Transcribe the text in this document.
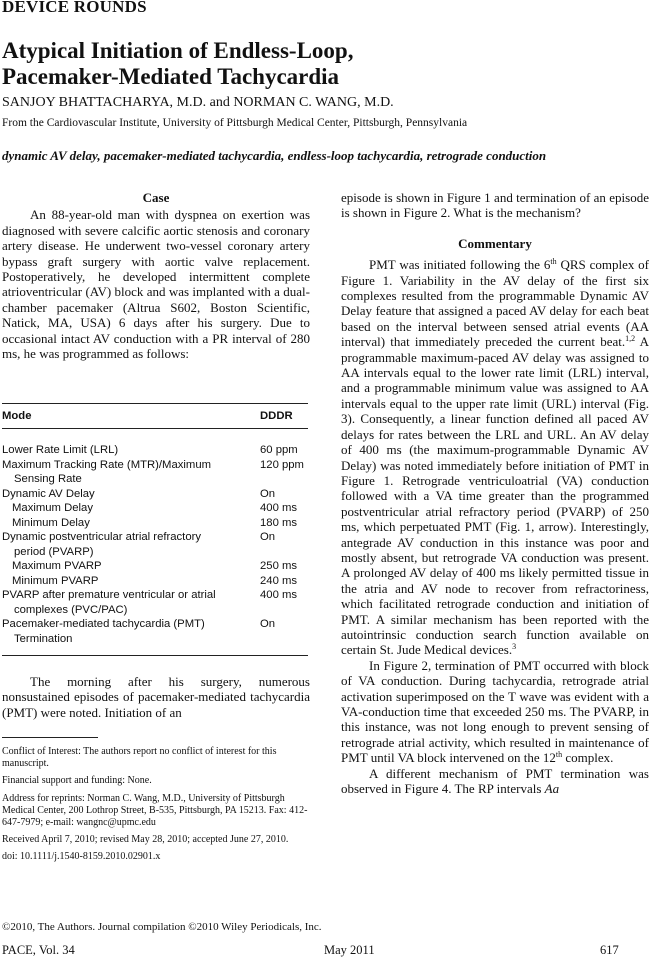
DEVICE ROUNDS
Atypical Initiation of Endless-Loop,
Pacemaker-Mediated Tachycardia
SANJOY BHATTACHARYA, M.D. and NORMAN C. WANG, M.D.
From the Cardiovascular Institute, University of Pittsburgh Medical Center, Pittsburgh, Pennsylvania
dynamic AV delay, pacemaker-mediated tachycardia, endless-loop tachycardia, retrograde conduction
Case

An 88-year-old man with dyspnea on exertion was diagnosed with severe calcific aortic stenosis and coronary artery disease. He underwent two-vessel coronary artery bypass graft surgery with aortic valve replacement. Postoperatively, he developed intermittent complete atrioventricular (AV) block and was implanted with a dual-chamber pacemaker (Altrua S602, Boston Scientific, Natick, MA, USA) 6 days after his surgery. Due to occasional intact AV conduction with a PR interval of 280 ms, he was programmed as follows:

Mode	DDDR
Lower Rate Limit (LRL)	60 ppm
Maximum Tracking Rate (MTR)/Maximum	120 ppm
Sensing Rate
Dynamic AV Delay	On
Maximum Delay	400 ms
Minimum Delay	180 ms
Dynamic postventricular atrial refractory	On
period (PVARP)
Maximum PVARP	250 ms
Minimum PVARP	240 ms
PVARP after premature ventricular or atrial	400 ms
complexes (PVC/PAC)
Pacemaker-mediated tachycardia (PMT)	On
Termination

The morning after his surgery, numerous nonsustained episodes of pacemaker-mediated tachycardia (PMT) were noted. Initiation of an

Conflict of Interest: The authors report no conflict of interest for this manuscript.
Financial support and funding: None.
Address for reprints: Norman C. Wang, M.D., University of Pittsburgh Medical Center, 200 Lothrop Street, B-535, Pittsburgh, PA 15213. Fax: 412-647-7979; e-mail: wangnc@upmc.edu
Received April 7, 2010; revised May 28, 2010; accepted June 27, 2010.
doi: 10.1111/j.1540-8159.2010.02901.x

episode is shown in Figure 1 and termination of an episode is shown in Figure 2. What is the mechanism?

Commentary

PMT was initiated following the 6th QRS complex of Figure 1. Variability in the AV delay of the first six complexes resulted from the programmable Dynamic AV Delay feature that assigned a paced AV delay for each beat based on the interval between sensed atrial events (AA interval) that immediately preceded the current beat.$^{1,2}$ A programmable maximum-paced AV delay was assigned to AA intervals equal to the lower rate limit (LRL) interval, and a programmable minimum value was assigned to AA intervals equal to the upper rate limit (URL) interval (Fig. 3). Consequently, a linear function defined all paced AV delays for rates between the LRL and URL. An AV delay of 400 ms (the maximum-programmable Dynamic AV Delay) was noted immediately before initiation of PMT in Figure 1. Retrograde ventriculoatrial (VA) conduction followed with a VA time greater than the programmed postventricular atrial refractory period (PVARP) of 250 ms, which perpetuated PMT (Fig. 1, arrow). Interestingly, antegrade AV conduction in this instance was poor and mostly absent, but retrograde VA conduction was present. A prolonged AV delay of 400 ms likely permitted tissue in the atria and AV node to recover from refractoriness, which facilitated retrograde conduction and initiation of PMT. A similar mechanism has been reported with the autointrinsic conduction search function available on certain St. Jude Medical devices.$^3$

In Figure 2, termination of PMT occurred with block of VA conduction. During tachycardia, retrograde atrial activation superimposed on the T wave was evident with a VA-conduction time that exceeded 250 ms. The PVARP, in this instance, was not long enough to prevent sensing of retrograde atrial activity, which resulted in maintenance of PMT until VA block intervened on the 12th complex.

A different mechanism of PMT termination was observed in Figure 4. The RP intervals Aa

©2010, The Authors. Journal compilation ©2010 Wiley Periodicals, Inc.
PACE, Vol. 34	May 2011	617
